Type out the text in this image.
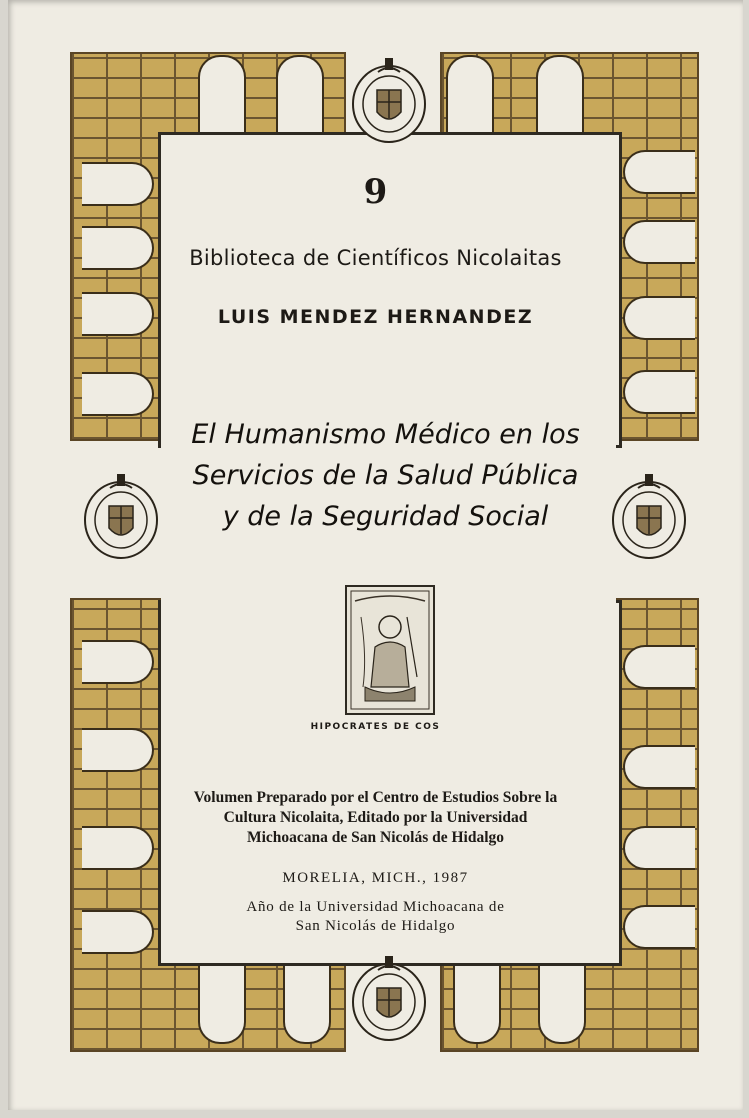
9
Biblioteca de Científicos Nicolaitas
LUIS MENDEZ HERNANDEZ
El Humanismo Médico en los
Servicios de la Salud Pública
y de la Seguridad Social
HIPOCRATES DE COS
Volumen Preparado por el Centro de Estudios Sobre la
Cultura Nicolaita, Editado por la Universidad
Michoacana de San Nicolás de Hidalgo
MORELIA, MICH., 1987
Año de la Universidad Michoacana de
San Nicolás de Hidalgo
